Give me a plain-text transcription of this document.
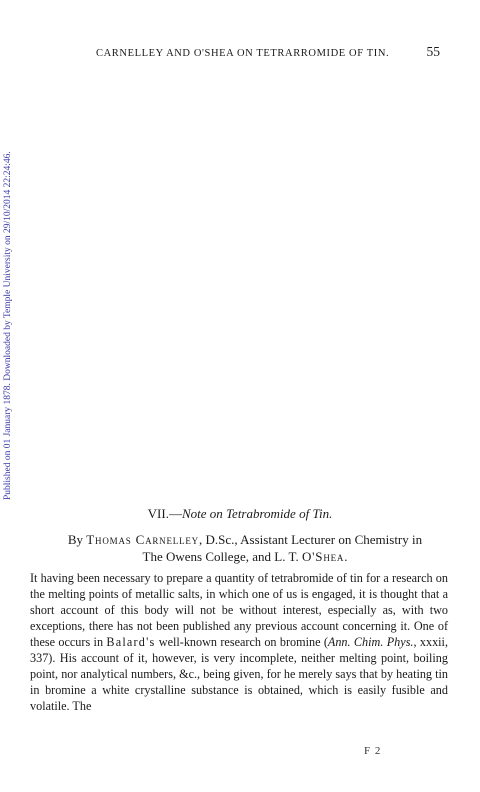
CARNELLEY AND O'SHEA ON TETRARROMIDE OF TIN.	55
Published on 01 January 1878. Downloaded by Temple University on 29/10/2014 22:24:46.
VII.—Note on Tetrabromide of Tin.
By Thomas Carnelley, D.Sc., Assistant Lecturer on Chemistry in
The Owens College, and L. T. O'Shea.

It having been necessary to prepare a quantity of tetrabromide of tin for a research on the melting points of metallic salts, in which one of us is engaged, it is thought that a short account of this body will not be without interest, especially as, with two exceptions, there has not been published any previous account concerning it. One of these occurs in Balard's well-known research on bromine (Ann. Chim. Phys., xxxii, 337). His account of it, however, is very incomplete, neither melting point, boiling point, nor analytical numbers, &c., being given, for he merely says that by heating tin in bromine a white crystalline substance is obtained, which is easily fusible and volatile. The

F 2
